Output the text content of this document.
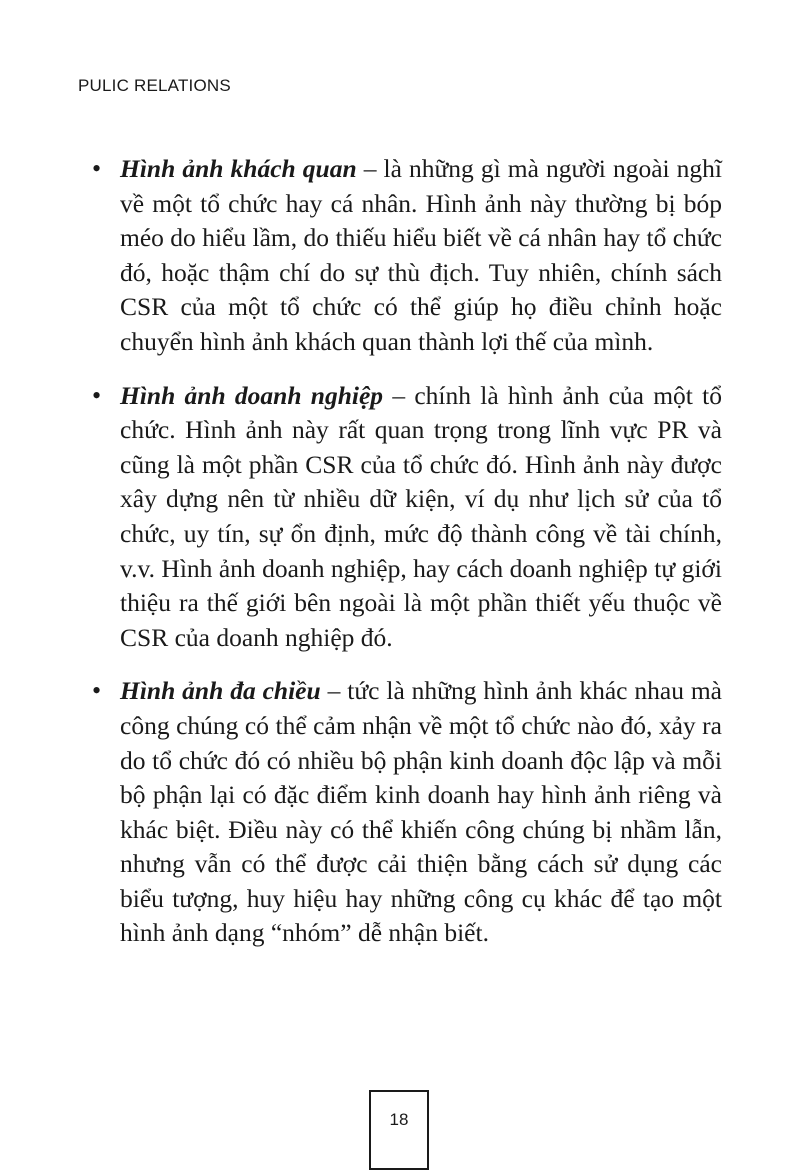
PULIC RELATIONS
• Hình ảnh khách quan – là những gì mà người ngoài nghĩ về một tổ chức hay cá nhân. Hình ảnh này thường bị bóp méo do hiểu lầm, do thiếu hiểu biết về cá nhân hay tổ chức đó, hoặc thậm chí do sự thù địch. Tuy nhiên, chính sách CSR của một tổ chức có thể giúp họ điều chỉnh hoặc chuyển hình ảnh khách quan thành lợi thế của mình.
• Hình ảnh doanh nghiệp – chính là hình ảnh của một tổ chức. Hình ảnh này rất quan trọng trong lĩnh vực PR và cũng là một phần CSR của tổ chức đó. Hình ảnh này được xây dựng nên từ nhiều dữ kiện, ví dụ như lịch sử của tổ chức, uy tín, sự ổn định, mức độ thành công về tài chính, v.v. Hình ảnh doanh nghiệp, hay cách doanh nghiệp tự giới thiệu ra thế giới bên ngoài là một phần thiết yếu thuộc về CSR của doanh nghiệp đó.
• Hình ảnh đa chiều – tức là những hình ảnh khác nhau mà công chúng có thể cảm nhận về một tổ chức nào đó, xảy ra do tổ chức đó có nhiều bộ phận kinh doanh độc lập và mỗi bộ phận lại có đặc điểm kinh doanh hay hình ảnh riêng và khác biệt. Điều này có thể khiến công chúng bị nhầm lẫn, nhưng vẫn có thể được cải thiện bằng cách sử dụng các biểu tượng, huy hiệu hay những công cụ khác để tạo một hình ảnh dạng “nhóm” dễ nhận biết.
18
